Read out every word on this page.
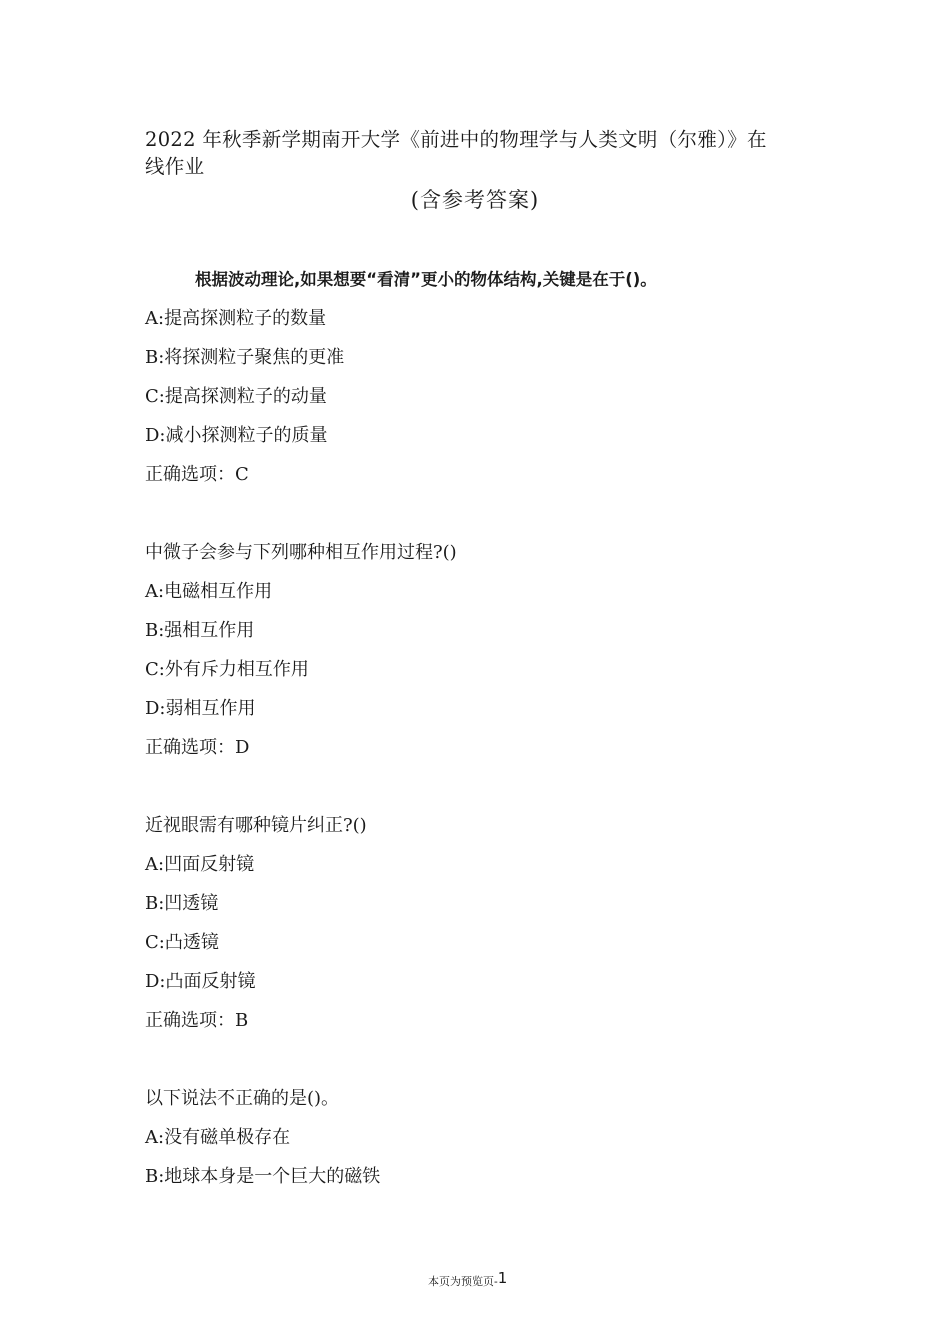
2022 年秋季新学期南开大学《前进中的物理学与人类文明（尔雅）》在
线作业
(含参考答案)
根据波动理论,如果想要“看清”更小的物体结构,关键是在于()。
A:提高探测粒子的数量
B:将探测粒子聚焦的更准
C:提高探测粒子的动量
D:减小探测粒子的质量
正确选项：C
中微子会参与下列哪种相互作用过程?()
A:电磁相互作用
B:强相互作用
C:外有斥力相互作用
D:弱相互作用
正确选项：D
近视眼需有哪种镜片纠正?()
A:凹面反射镜
B:凹透镜
C:凸透镜
D:凸面反射镜
正确选项：B
以下说法不正确的是()。
A:没有磁单极存在
B:地球本身是一个巨大的磁铁
本页为预览页-1
